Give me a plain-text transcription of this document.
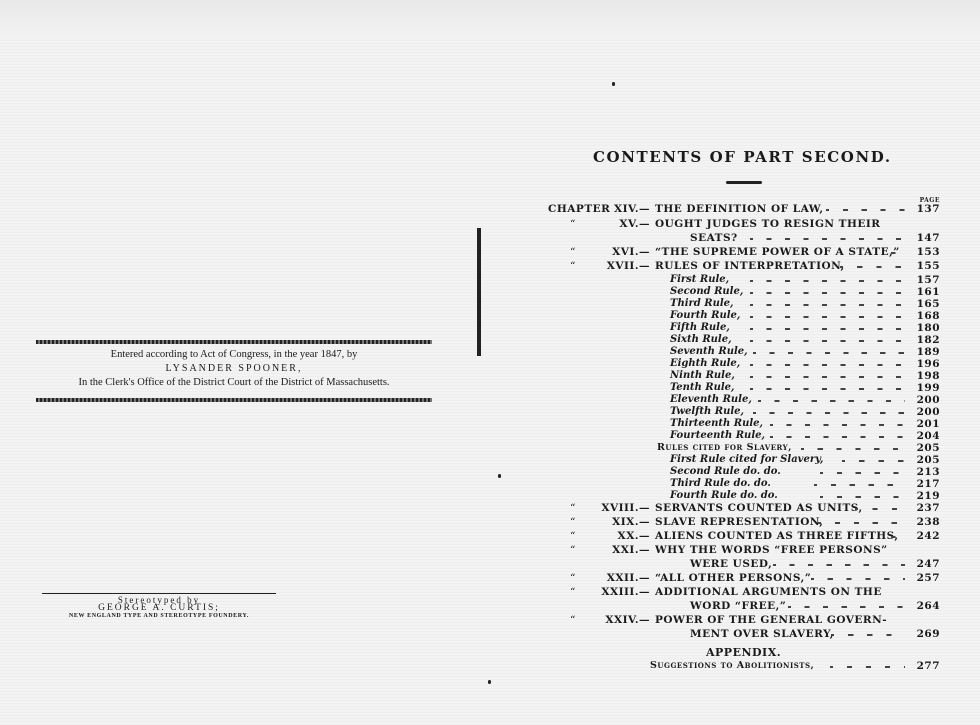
Entered according to Act of Congress, in the year 1847, by
LYSANDER SPOONER,
In the Clerk's Office of the District Court of the District of Massachusetts.
Stereotyped by
GEORGE A. CURTIS;
NEW ENGLAND TYPE AND STEREOTYPE FOUNDERY.
CONTENTS OF PART SECOND.
CHAPTER XIV.— THE DEFINITION OF LAW,	137
PAGE
“	XV.— OUGHT JUDGES TO RESIGN THEIR
SEATS?	147
“	XVI.— “THE SUPREME POWER OF A STATE,” 153
“	XVII.— RULES OF INTERPRETATION,	155
First Rule,	157
Second Rule,	161
Third Rule,	165
Fourth Rule,	168
Fifth Rule,	180
Sixth Rule,	182
Seventh Rule,	189
Eighth Rule,	196
Ninth Rule,	198
Tenth Rule,	199
Eleventh Rule,	200
Twelfth Rule,	200
Thirteenth Rule,	201
Fourteenth Rule,	204
Rules cited for Slavery,	205
First Rule cited for Slavery,	205
Second Rule do. do.	213
Third Rule do. do.	217
Fourth Rule do. do.	219
“ XVIII.— SERVANTS COUNTED AS UNITS,	237
“	XIX.— SLAVE REPRESENTATION,	238
“	XX.— ALIENS COUNTED AS THREE FIFTHS, 242
“	XXI.— WHY THE WORDS “FREE PERSONS”
WERE USED,	247
“	XXII.— “ALL OTHER PERSONS,”	257
“ XXIII.— ADDITIONAL ARGUMENTS ON THE
WORD “FREE,”	264
“	XXIV.— POWER OF THE GENERAL GOVERN-
MENT OVER SLAVERY,	269
APPENDIX.
Suggestions to Abolitionists,	277
